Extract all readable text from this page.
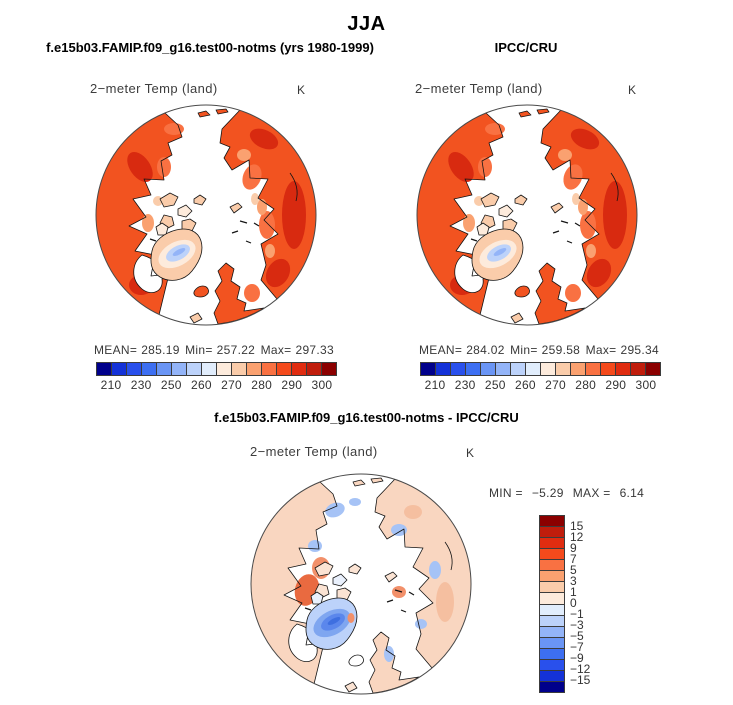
JJA
f.e15b03.FAMIP.f09_g16.test00-notms (yrs 1980-1999)	IPCC/CRU
2−meter Temp (land)	K
MEAN= 285.19 Min= 257.22 Max= 297.33
210 230 250 260 270 280 290 300
2−meter Temp (land)	K
MEAN= 284.02 Min= 259.58 Max= 295.34
210 230 250 260 270 280 290 300
f.e15b03.FAMIP.f09_g16.test00-notms - IPCC/CRU
2−meter Temp (land)	K
MIN = −5.29 MAX = 6.14
15
12
9
7
5
3
1
0
−1
−3
−5
−7
−9
−12
−15
